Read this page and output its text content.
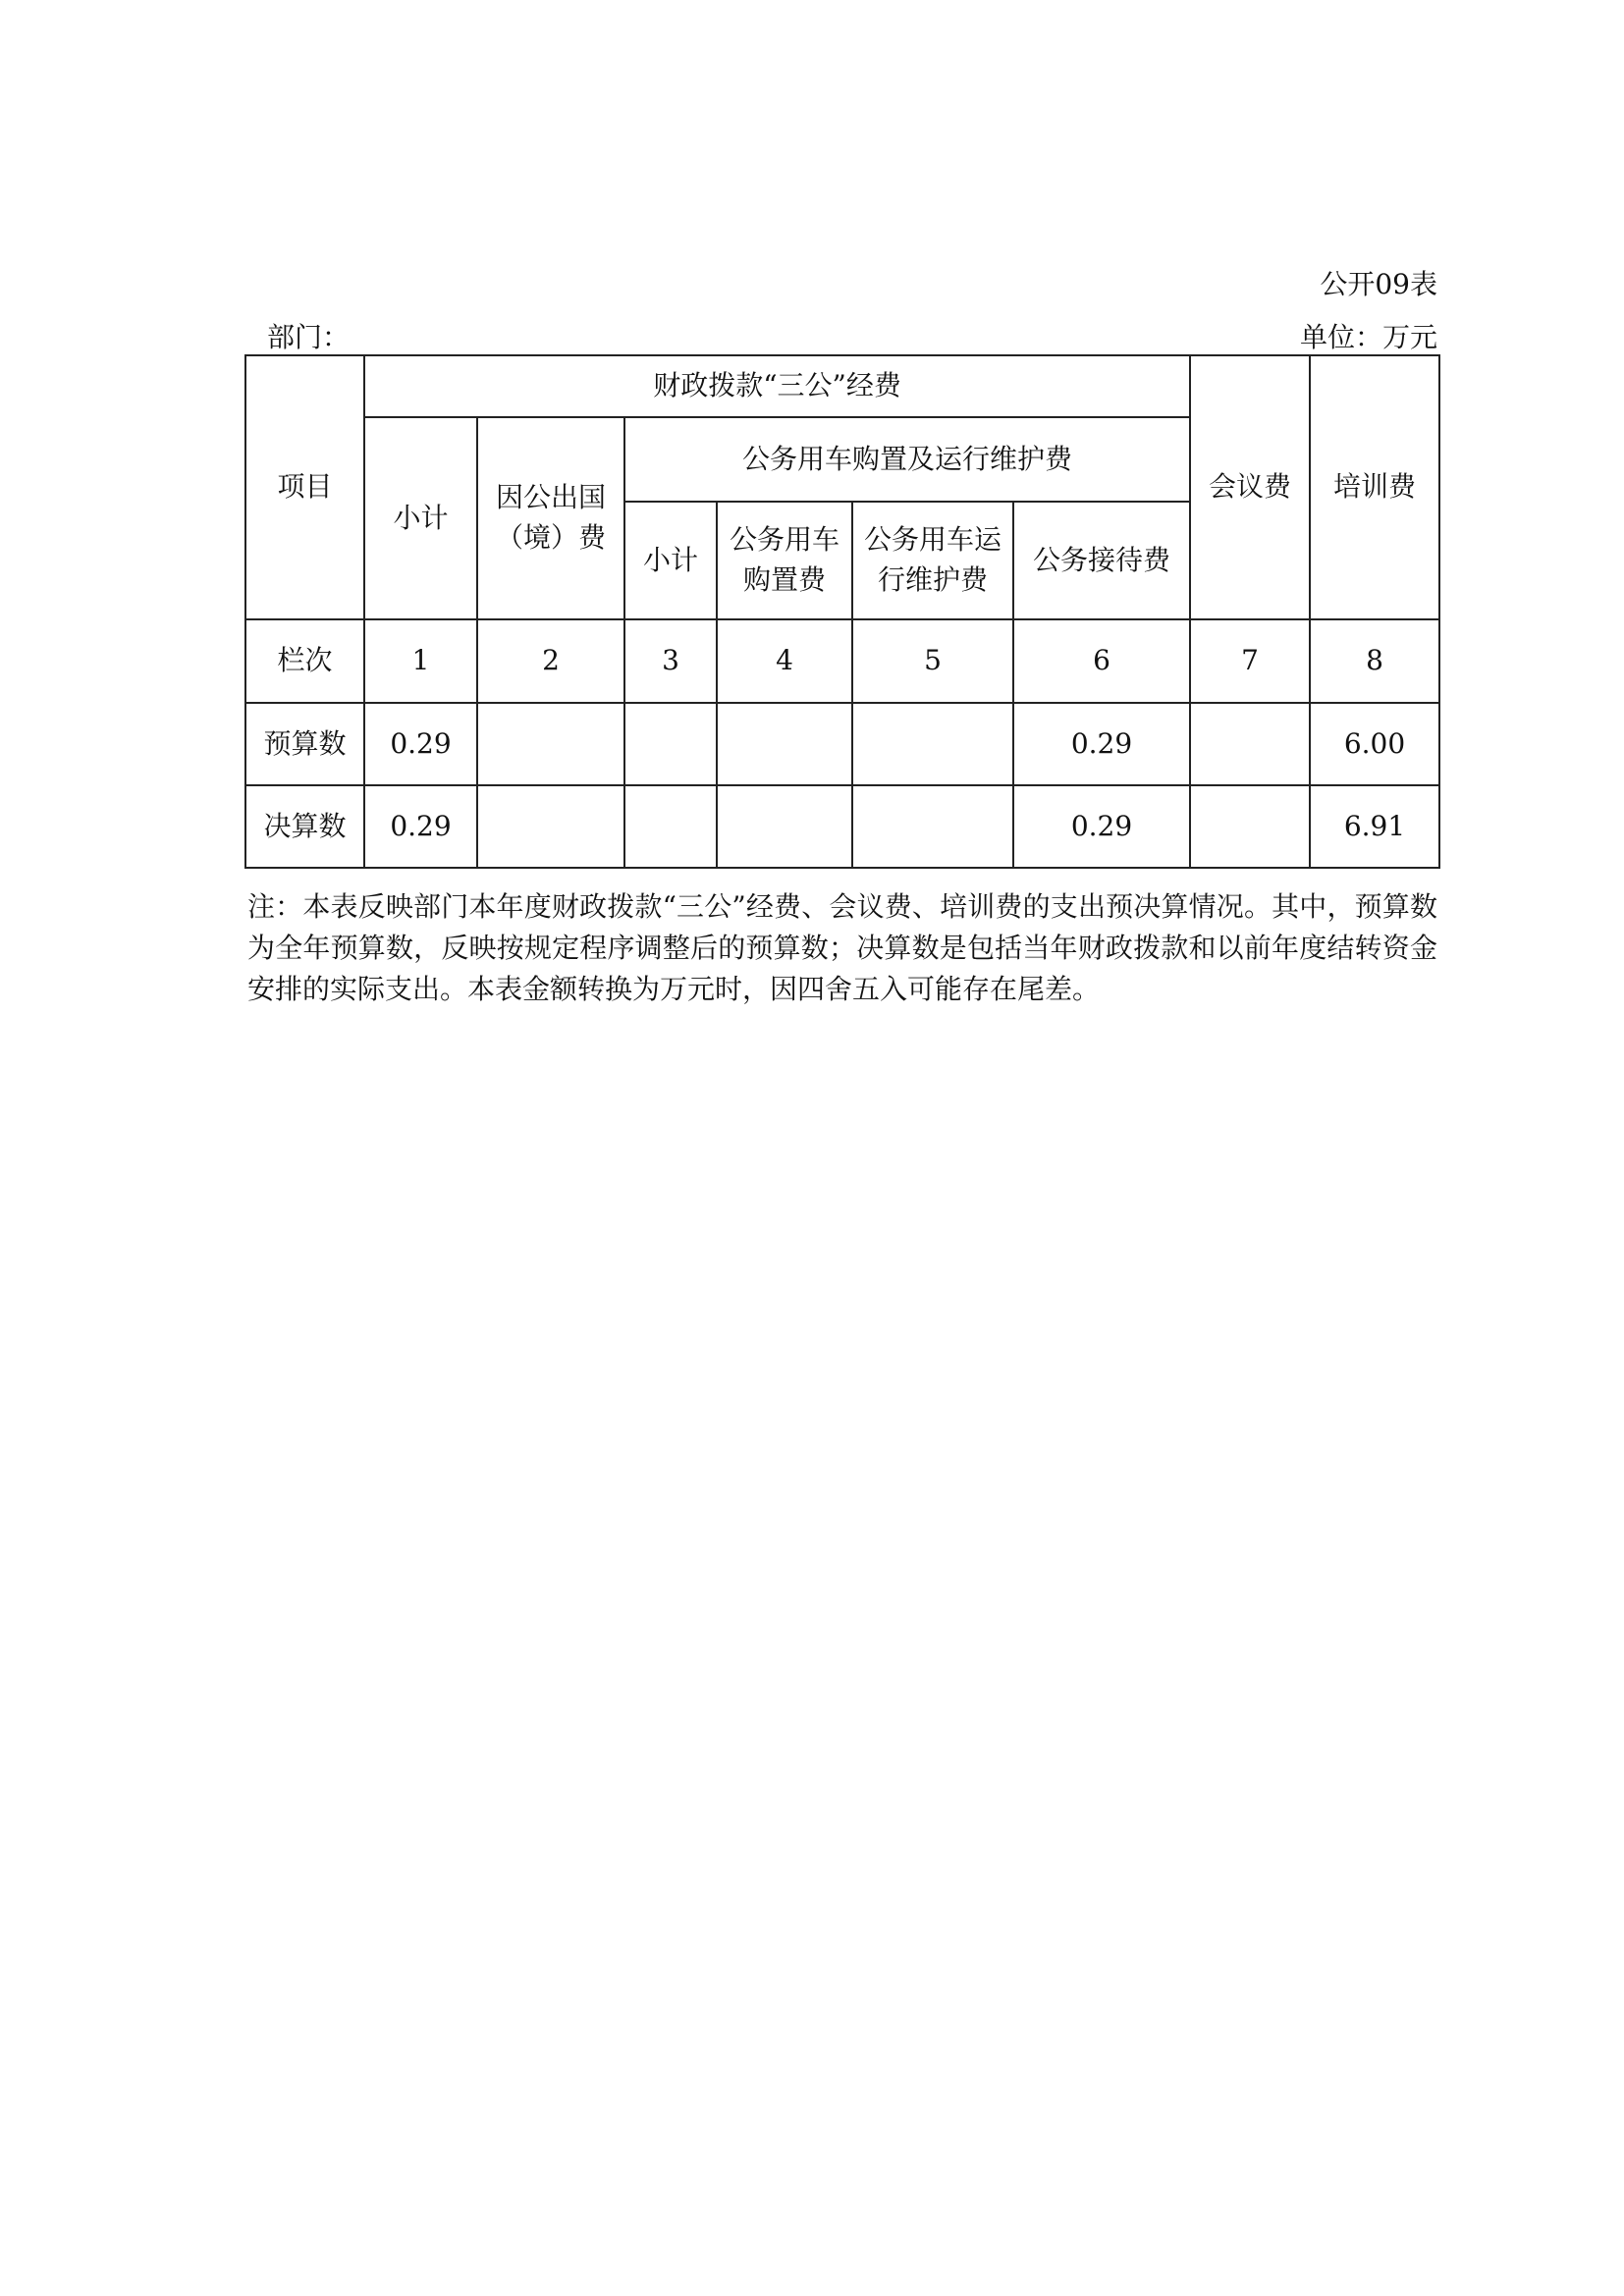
公开09表
部门：	单位：万元
项目	财政拨款“三公”经费						会议费	培训费
	小计	因公出国（境）费	公务用车购置及运行维护费					
			小计	公务用车购置费	公务用车运行维护费	公务接待费		
栏次	1	2	3	4	5	6	7	8
预算数	0.29					0.29		6.00
决算数	0.29					0.29		6.91
注：本表反映部门本年度财政拨款“三公”经费、会议费、培训费的支出预决算情况。其中，预算数为全年预算数，反映按规定程序调整后的预算数；决算数是包括当年财政拨款和以前年度结转资金安排的实际支出。本表金额转换为万元时，因四舍五入可能存在尾差。
